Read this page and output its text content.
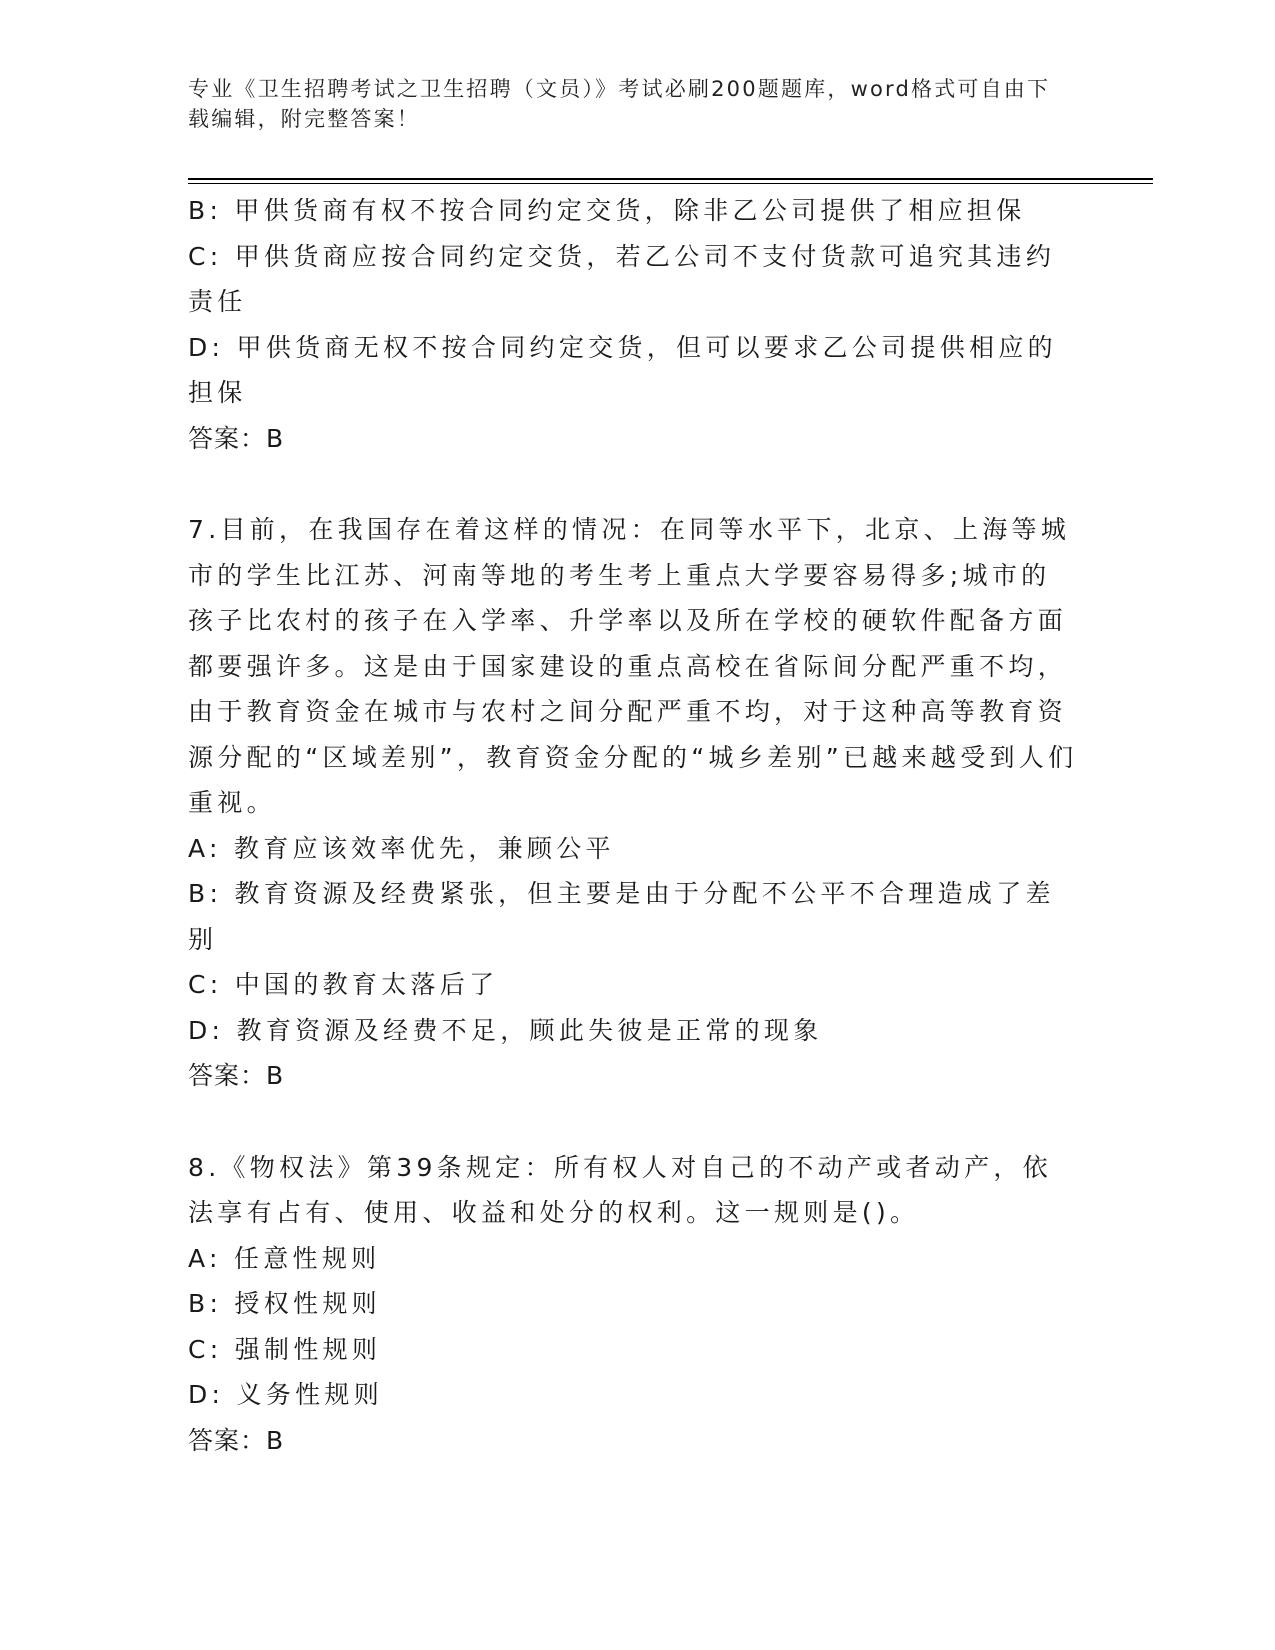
专业《卫生招聘考试之卫生招聘（文员）》考试必刷200题题库，word格式可自由下载编辑，附完整答案！
B: 甲供货商有权不按合同约定交货，除非乙公司提供了相应担保
C: 甲供货商应按合同约定交货，若乙公司不支付货款可追究其违约责任
D: 甲供货商无权不按合同约定交货，但可以要求乙公司提供相应的担保
答案：B
7.目前，在我国存在着这样的情况：在同等水平下，北京、上海等城市的学生比江苏、河南等地的考生考上重点大学要容易得多;城市的孩子比农村的孩子在入学率、升学率以及所在学校的硬软件配备方面都要强许多。这是由于国家建设的重点高校在省际间分配严重不均，由于教育资金在城市与农村之间分配严重不均，对于这种高等教育资源分配的“区域差别”，教育资金分配的“城乡差别”已越来越受到人们重视。
A: 教育应该效率优先，兼顾公平
B: 教育资源及经费紧张，但主要是由于分配不公平不合理造成了差别
C: 中国的教育太落后了
D: 教育资源及经费不足，顾此失彼是正常的现象
答案：B
8.《物权法》第39条规定：所有权人对自己的不动产或者动产，依法享有占有、使用、收益和处分的权利。这一规则是()。
A: 任意性规则
B: 授权性规则
C: 强制性规则
D: 义务性规则
答案：B
